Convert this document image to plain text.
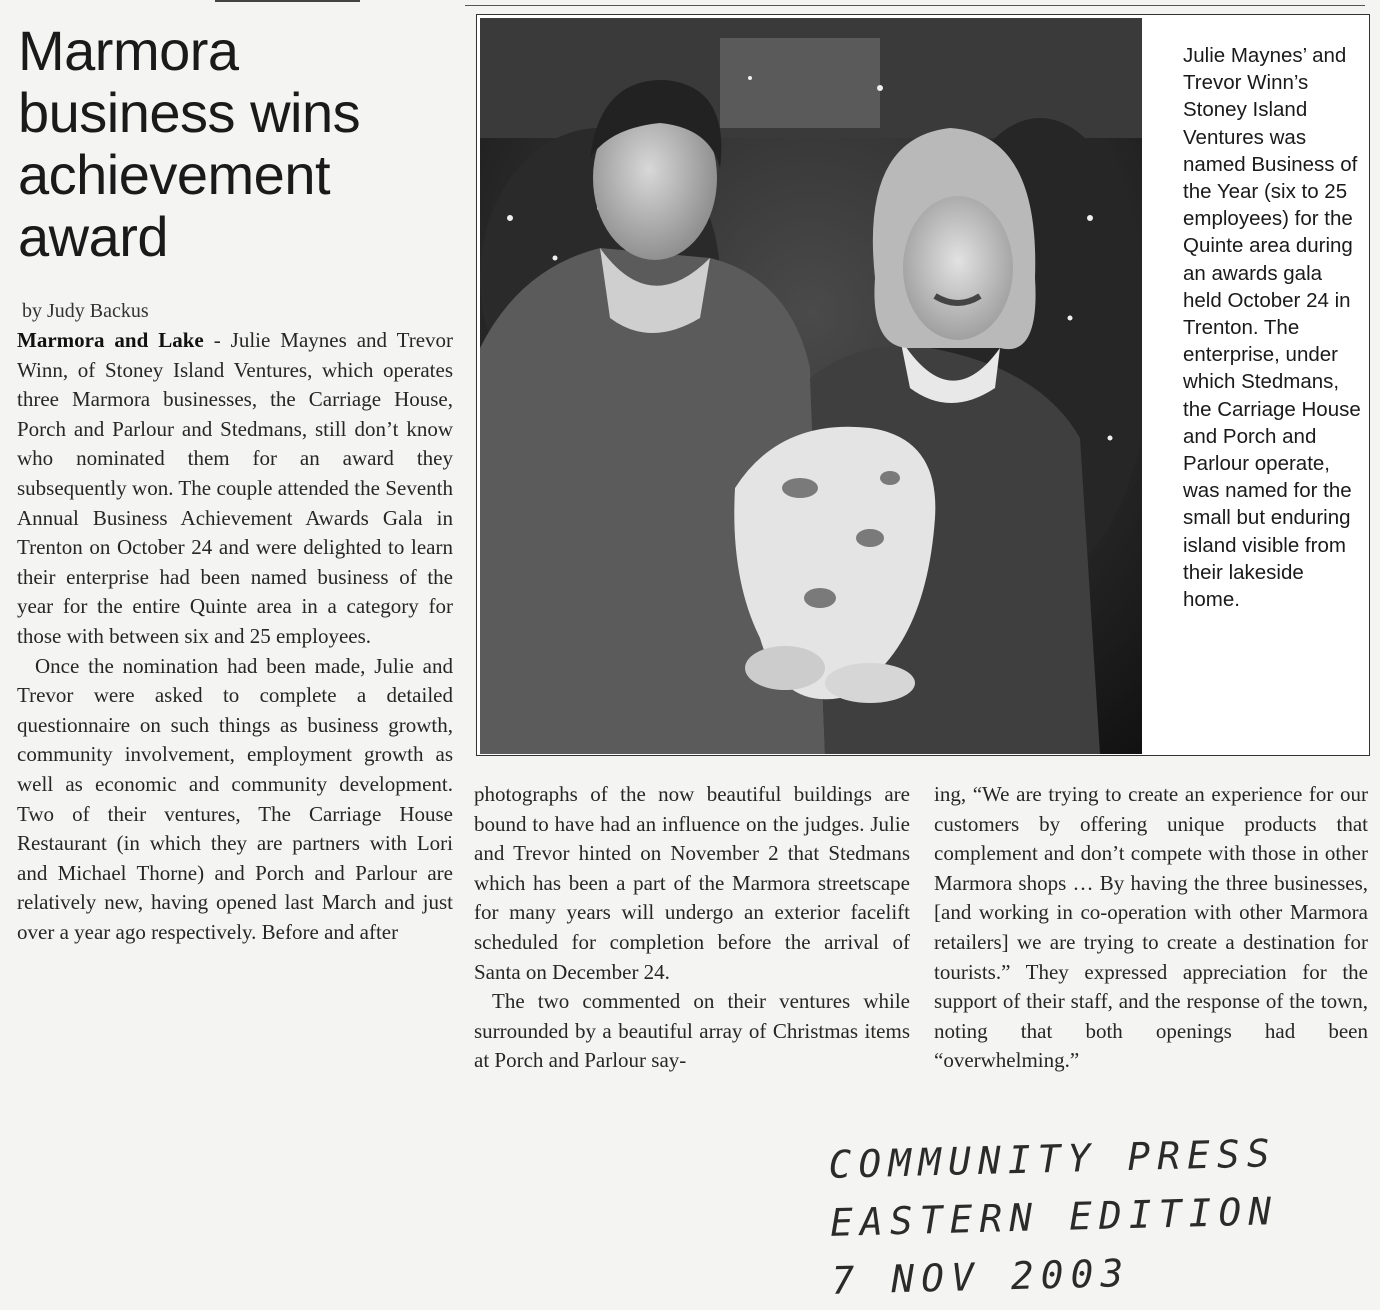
Marmora business wins achievement award
by Judy Backus

Marmora and Lake - Julie Maynes and Trevor Winn, of Stoney Island Ventures, which operates three Marmora businesses, the Carriage House, Porch and Parlour and Stedmans, still don’t know who nominated them for an award they subsequently won. The couple attended the Seventh Annual Business Achievement Awards Gala in Trenton on October 24 and were delighted to learn their enterprise had been named business of the year for the entire Quinte area in a category for those with between six and 25 employees.

Once the nomination had been made, Julie and Trevor were asked to complete a detailed questionnaire on such things as business growth, community involvement, employment growth as well as economic and community development. Two of their ventures, The Carriage House Restaurant (in which they are partners with Lori and Michael Thorne) and Porch and Parlour are relatively new, having opened last March and just over a year ago respectively. Before and after

photographs of the now beautiful buildings are bound to have had an influence on the judges. Julie and Trevor hinted on November 2 that Stedmans which has been a part of the Marmora streetscape for many years will undergo an exterior facelift scheduled for completion before the arrival of Santa on December 24.

The two commented on their ventures while surrounded by a beautiful array of Christmas items at Porch and Parlour say-

ing, “We are trying to create an experience for our customers by offering unique products that complement and don’t compete with those in other Marmora shops … By having the three businesses, [and working in co-operation with other Marmora retailers] we are trying to create a destination for tourists.” They expressed appreciation for the support of their staff, and the response of the town, noting that both openings had been “overwhelming.”

Julie Maynes’ and Trevor Winn’s Stoney Island Ventures was named Business of the Year (six to 25 employees) for the Quinte area during an awards gala held October 24 in Trenton. The enterprise, under which Stedmans, the Carriage House and Porch and Parlour operate, was named for the small but enduring island visible from their lakeside home.
COMMUNITY PRESS
EASTERN EDITION
7 NOV 2003
